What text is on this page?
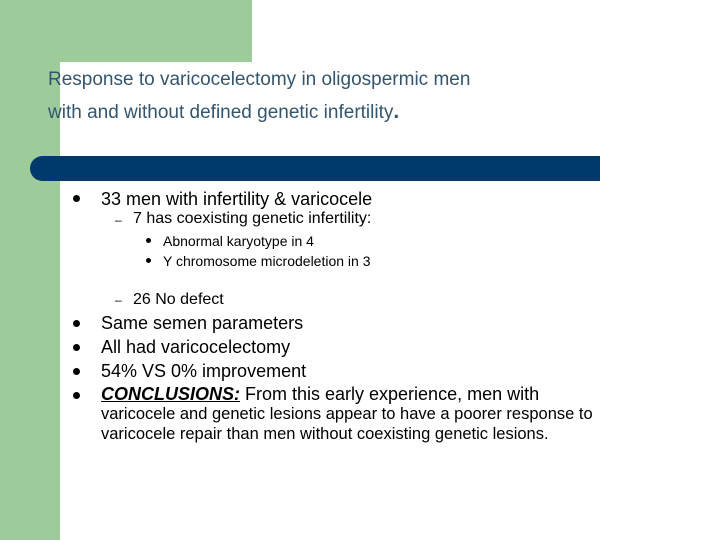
Response to varicocelectomy in oligospermic men
with and without defined genetic infertility.
33 men with infertility & varicocele
– 7 has coexisting genetic infertility:
Abnormal karyotype in 4
Y chromosome microdeletion in 3
– 26 No defect
Same semen parameters
All had varicocelectomy
54% VS 0% improvement
CONCLUSIONS: From this early experience, men with
varicocele and genetic lesions appear to have a poorer response to varicocele repair than men without coexisting genetic lesions.
